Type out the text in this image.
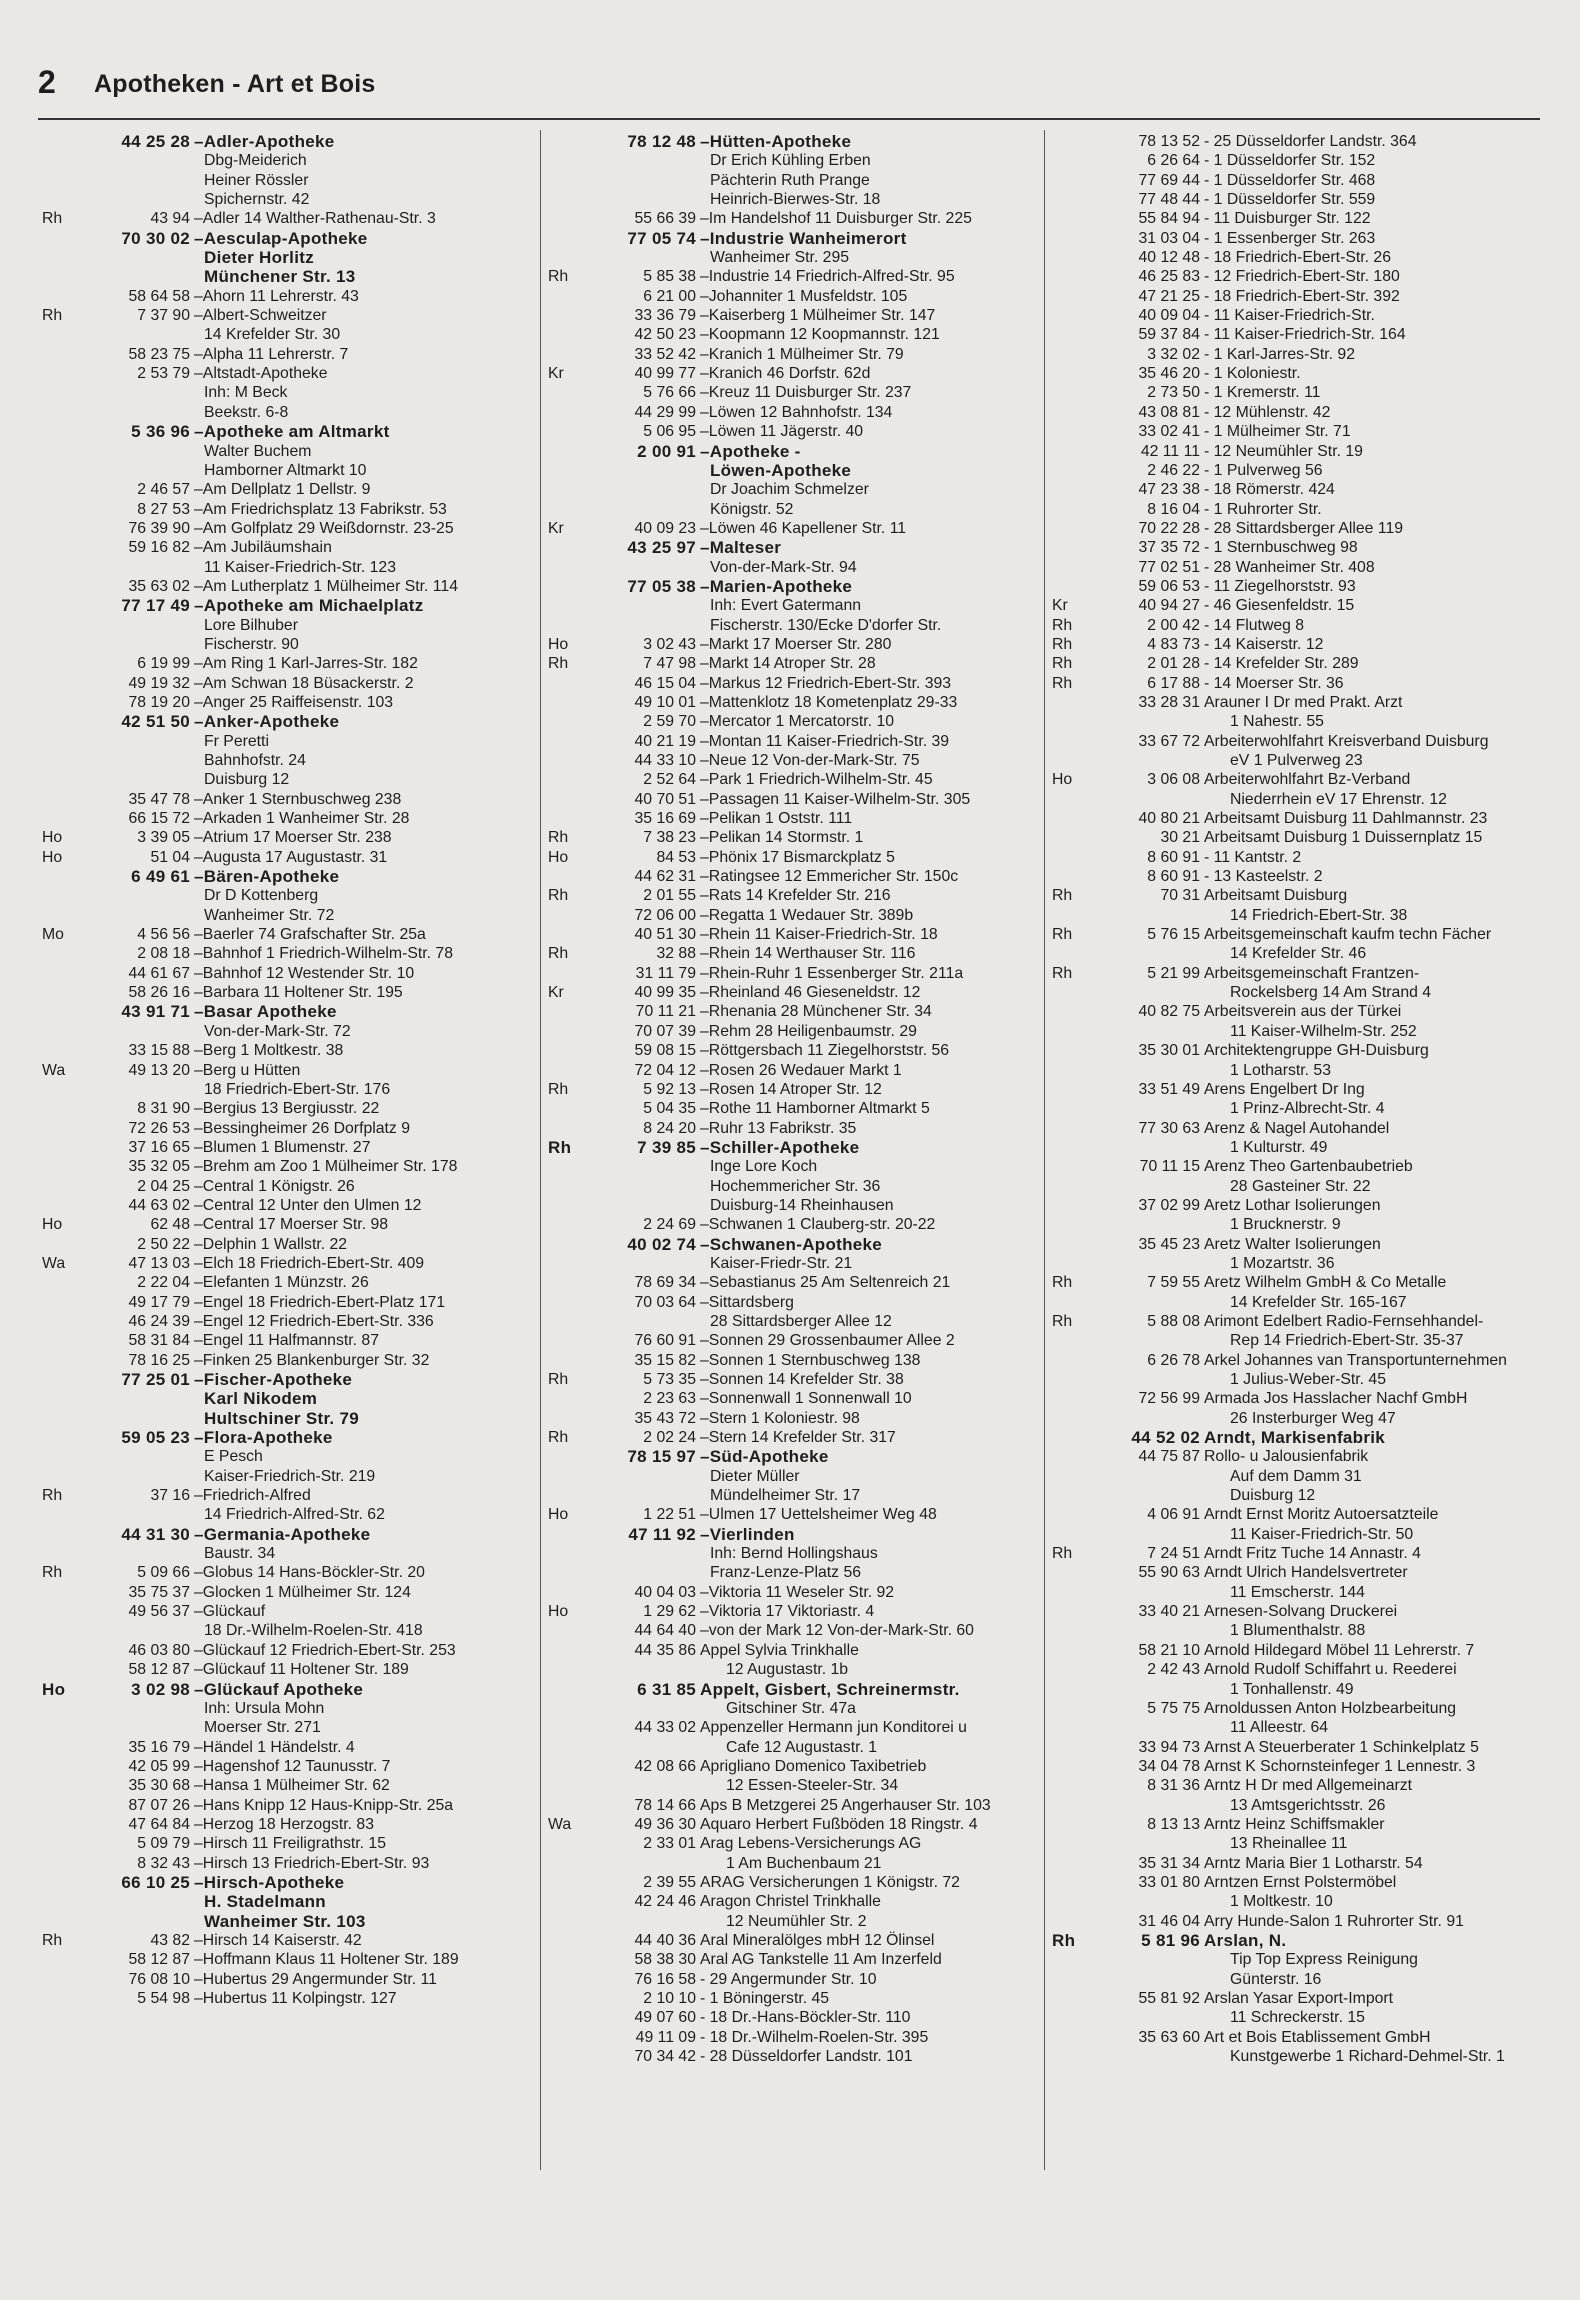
2 Apotheken - Art et Bois
44 25 28 –Adler-Apotheke
Dbg-Meiderich
Heiner Rössler
Spichernstr. 42
Rh	43 94 –Adler 14 Walther-Rathenau-Str. 3
70 30 02 –Aesculap-Apotheke
Dieter Horlitz
Münchener Str. 13
58 64 58 –Ahorn 11 Lehrerstr. 43
Rh	7 37 90 –Albert-Schweitzer
14 Krefelder Str. 30
58 23 75 –Alpha 11 Lehrerstr. 7
2 53 79 –Altstadt-Apotheke
Inh: M Beck
Beekstr. 6-8
5 36 96 –Apotheke am Altmarkt
Walter Buchem
Hamborner Altmarkt 10
2 46 57 –Am Dellplatz 1 Dellstr. 9
8 27 53 –Am Friedrichsplatz 13 Fabrikstr. 53
76 39 90 –Am Golfplatz 29 Weißdornstr. 23-25
59 16 82 –Am Jubiläumshain
11 Kaiser-Friedrich-Str. 123
35 63 02 –Am Lutherplatz 1 Mülheimer Str. 114
77 17 49 –Apotheke am Michaelplatz
Lore Bilhuber
Fischerstr. 90
6 19 99 –Am Ring 1 Karl-Jarres-Str. 182
49 19 32 –Am Schwan 18 Büsackerstr. 2
78 19 20 –Anger 25 Raiffeisenstr. 103
42 51 50 –Anker-Apotheke
Fr Peretti
Bahnhofstr. 24
Duisburg 12
35 47 78 –Anker 1 Sternbuschweg 238
66 15 72 –Arkaden 1 Wanheimer Str. 28
Ho	3 39 05 –Atrium 17 Moerser Str. 238
Ho	51 04 –Augusta 17 Augustastr. 31
6 49 61 –Bären-Apotheke
Dr D Kottenberg
Wanheimer Str. 72
Mo	4 56 56 –Baerler 74 Grafschafter Str. 25a
2 08 18 –Bahnhof 1 Friedrich-Wilhelm-Str. 78
44 61 67 –Bahnhof 12 Westender Str. 10
58 26 16 –Barbara 11 Holtener Str. 195
43 91 71 –Basar Apotheke
Von-der-Mark-Str. 72
33 15 88 –Berg 1 Moltkestr. 38
Wa	49 13 20 –Berg u Hütten
18 Friedrich-Ebert-Str. 176
8 31 90 –Bergius 13 Bergiusstr. 22
72 26 53 –Bessingheimer 26 Dorfplatz 9
37 16 65 –Blumen 1 Blumenstr. 27
35 32 05 –Brehm am Zoo 1 Mülheimer Str. 178
2 04 25 –Central 1 Königstr. 26
44 63 02 –Central 12 Unter den Ulmen 12
Ho	62 48 –Central 17 Moerser Str. 98
2 50 22 –Delphin 1 Wallstr. 22
Wa	47 13 03 –Elch 18 Friedrich-Ebert-Str. 409
2 22 04 –Elefanten 1 Münzstr. 26
49 17 79 –Engel 18 Friedrich-Ebert-Platz 171
46 24 39 –Engel 12 Friedrich-Ebert-Str. 336
58 31 84 –Engel 11 Halfmannstr. 87
78 16 25 –Finken 25 Blankenburger Str. 32
77 25 01 –Fischer-Apotheke
Karl Nikodem
Hultschiner Str. 79
59 05 23 –Flora-Apotheke
E Pesch
Kaiser-Friedrich-Str. 219
Rh	37 16 –Friedrich-Alfred
14 Friedrich-Alfred-Str. 62
44 31 30 –Germania-Apotheke
Baustr. 34
Rh	5 09 66 –Globus 14 Hans-Böckler-Str. 20
35 75 37 –Glocken 1 Mülheimer Str. 124
49 56 37 –Glückauf
18 Dr.-Wilhelm-Roelen-Str. 418
46 03 80 –Glückauf 12 Friedrich-Ebert-Str. 253
58 12 87 –Glückauf 11 Holtener Str. 189
Ho	3 02 98 –Glückauf Apotheke
Inh: Ursula Mohn
Moerser Str. 271
35 16 79 –Händel 1 Händelstr. 4
42 05 99 –Hagenshof 12 Taunusstr. 7
35 30 68 –Hansa 1 Mülheimer Str. 62
87 07 26 –Hans Knipp 12 Haus-Knipp-Str. 25a
47 64 84 –Herzog 18 Herzogstr. 83
5 09 79 –Hirsch 11 Freiligrathstr. 15
8 32 43 –Hirsch 13 Friedrich-Ebert-Str. 93
66 10 25 –Hirsch-Apotheke
H. Stadelmann
Wanheimer Str. 103
Rh	43 82 –Hirsch 14 Kaiserstr. 42
58 12 87 –Hoffmann Klaus 11 Holtener Str. 189
76 08 10 –Hubertus 29 Angermunder Str. 11
5 54 98 –Hubertus 11 Kolpingstr. 127
78 12 48 –Hütten-Apotheke
Dr Erich Kühling Erben
Pächterin Ruth Prange
Heinrich-Bierwes-Str. 18
55 66 39 –Im Handelshof 11 Duisburger Str. 225
77 05 74 –Industrie Wanheimerort
Wanheimer Str. 295
Rh	5 85 38 –Industrie 14 Friedrich-Alfred-Str. 95
6 21 00 –Johanniter 1 Musfeldstr. 105
33 36 79 –Kaiserberg 1 Mülheimer Str. 147
42 50 23 –Koopmann 12 Koopmannstr. 121
33 52 42 –Kranich 1 Mülheimer Str. 79
Kr	40 99 77 –Kranich 46 Dorfstr. 62d
5 76 66 –Kreuz 11 Duisburger Str. 237
44 29 99 –Löwen 12 Bahnhofstr. 134
5 06 95 –Löwen 11 Jägerstr. 40
2 00 91 –Apotheke -
Löwen-Apotheke
Dr Joachim Schmelzer
Königstr. 52
Kr	40 09 23 –Löwen 46 Kapellener Str. 11
43 25 97 –Malteser
Von-der-Mark-Str. 94
77 05 38 –Marien-Apotheke
Inh: Evert Gatermann
Fischerstr. 130/Ecke D'dorfer Str.
Ho	3 02 43 –Markt 17 Moerser Str. 280
Rh	7 47 98 –Markt 14 Atroper Str. 28
46 15 04 –Markus 12 Friedrich-Ebert-Str. 393
49 10 01 –Mattenklotz 18 Kometenplatz 29-33
2 59 70 –Mercator 1 Mercatorstr. 10
40 21 19 –Montan 11 Kaiser-Friedrich-Str. 39
44 33 10 –Neue 12 Von-der-Mark-Str. 75
2 52 64 –Park 1 Friedrich-Wilhelm-Str. 45
40 70 51 –Passagen 11 Kaiser-Wilhelm-Str. 305
35 16 69 –Pelikan 1 Oststr. 111
Rh	7 38 23 –Pelikan 14 Stormstr. 1
Ho	84 53 –Phönix 17 Bismarckplatz 5
44 62 31 –Ratingsee 12 Emmericher Str. 150c
Rh	2 01 55 –Rats 14 Krefelder Str. 216
72 06 00 –Regatta 1 Wedauer Str. 389b
40 51 30 –Rhein 11 Kaiser-Friedrich-Str. 18
Rh	32 88 –Rhein 14 Werthauser Str. 116
31 11 79 –Rhein-Ruhr 1 Essenberger Str. 211a
Kr	40 99 35 –Rheinland 46 Gieseneldstr. 12
70 11 21 –Rhenania 28 Münchener Str. 34
70 07 39 –Rehm 28 Heiligenbaumstr. 29
59 08 15 –Röttgersbach 11 Ziegelhorststr. 56
72 04 12 –Rosen 26 Wedauer Markt 1
Rh	5 92 13 –Rosen 14 Atroper Str. 12
5 04 35 –Rothe 11 Hamborner Altmarkt 5
8 24 20 –Ruhr 13 Fabrikstr. 35
Rh	7 39 85 –Schiller-Apotheke
Inge Lore Koch
Hochemmericher Str. 36
Duisburg-14 Rheinhausen
2 24 69 –Schwanen 1 Clauberg-str. 20-22
40 02 74 –Schwanen-Apotheke
Kaiser-Friedr-Str. 21
78 69 34 –Sebastianus 25 Am Seltenreich 21
70 03 64 –Sittardsberg
28 Sittardsberger Allee 12
76 60 91 –Sonnen 29 Grossenbaumer Allee 2
35 15 82 –Sonnen 1 Sternbuschweg 138
Rh	5 73 35 –Sonnen 14 Krefelder Str. 38
2 23 63 –Sonnenwall 1 Sonnenwall 10
35 43 72 –Stern 1 Koloniestr. 98
Rh	2 02 24 –Stern 14 Krefelder Str. 317
78 15 97 –Süd-Apotheke
Dieter Müller
Mündelheimer Str. 17
Ho	1 22 51 –Ulmen 17 Uettelsheimer Weg 48
47 11 92 –Vierlinden
Inh: Bernd Hollingshaus
Franz-Lenze-Platz 56
40 04 03 –Viktoria 11 Weseler Str. 92
Ho	1 29 62 –Viktoria 17 Viktoriastr. 4
44 64 40 –von der Mark 12 Von-der-Mark-Str. 60
44 35 86 Appel Sylvia Trinkhalle
12 Augustastr. 1b
6 31 85 Appelt, Gisbert, Schreinermstr.
Gitschiner Str. 47a
44 33 02 Appenzeller Hermann jun Konditorei u
Cafe 12 Augustastr. 1
42 08 66 Aprigliano Domenico Taxibetrieb
12 Essen-Steeler-Str. 34
78 14 66 Aps B Metzgerei 25 Angerhauser Str. 103
Wa	49 36 30 Aquaro Herbert Fußböden 18 Ringstr. 4
2 33 01 Arag Lebens-Versicherungs AG
1 Am Buchenbaum 21
2 39 55 ARAG Versicherungen 1 Königstr. 72
42 24 46 Aragon Christel Trinkhalle
12 Neumühler Str. 2
44 40 36 Aral Mineralölges mbH 12 Ölinsel
58 38 30 Aral AG Tankstelle 11 Am Inzerfeld
76 16 58 - 29 Angermunder Str. 10
2 10 10 - 1 Böningerstr. 45
49 07 60 - 18 Dr.-Hans-Böckler-Str. 110
49 11 09 - 18 Dr.-Wilhelm-Roelen-Str. 395
70 34 42 - 28 Düsseldorfer Landstr. 101
78 13 52 - 25 Düsseldorfer Landstr. 364
6 26 64 - 1 Düsseldorfer Str. 152
77 69 44 - 1 Düsseldorfer Str. 468
77 48 44 - 1 Düsseldorfer Str. 559
55 84 94 - 11 Duisburger Str. 122
31 03 04 - 1 Essenberger Str. 263
40 12 48 - 18 Friedrich-Ebert-Str. 26
46 25 83 - 12 Friedrich-Ebert-Str. 180
47 21 25 - 18 Friedrich-Ebert-Str. 392
40 09 04 - 11 Kaiser-Friedrich-Str.
59 37 84 - 11 Kaiser-Friedrich-Str. 164
3 32 02 - 1 Karl-Jarres-Str. 92
35 46 20 - 1 Koloniestr.
2 73 50 - 1 Kremerstr. 11
43 08 81 - 12 Mühlenstr. 42
33 02 41 - 1 Mülheimer Str. 71
42 11 11 - 12 Neumühler Str. 19
2 46 22 - 1 Pulverweg 56
47 23 38 - 18 Römerstr. 424
8 16 04 - 1 Ruhrorter Str.
70 22 28 - 28 Sittardsberger Allee 119
37 35 72 - 1 Sternbuschweg 98
77 02 51 - 28 Wanheimer Str. 408
59 06 53 - 11 Ziegelhorststr. 93
Kr	40 94 27 - 46 Giesenfeldstr. 15
Rh	2 00 42 - 14 Flutweg 8
Rh	4 83 73 - 14 Kaiserstr. 12
Rh	2 01 28 - 14 Krefelder Str. 289
Rh	6 17 88 - 14 Moerser Str. 36
33 28 31 Arauner I Dr med Prakt. Arzt
1 Nahestr. 55
33 67 72 Arbeiterwohlfahrt Kreisverband Duisburg
eV 1 Pulverweg 23
Ho	3 06 08 Arbeiterwohlfahrt Bz-Verband
Niederrhein eV 17 Ehrenstr. 12
40 80 21 Arbeitsamt Duisburg 11 Dahlmannstr. 23
30 21 Arbeitsamt Duisburg 1 Duissernplatz 15
8 60 91 - 11 Kantstr. 2
8 60 91 - 13 Kasteelstr. 2
Rh	70 31 Arbeitsamt Duisburg
14 Friedrich-Ebert-Str. 38
Rh	5 76 15 Arbeitsgemeinschaft kaufm techn Fächer
14 Krefelder Str. 46
Rh	5 21 99 Arbeitsgemeinschaft Frantzen-
Rockelsberg 14 Am Strand 4
40 82 75 Arbeitsverein aus der Türkei
11 Kaiser-Wilhelm-Str. 252
35 30 01 Architektengruppe GH-Duisburg
1 Lotharstr. 53
33 51 49 Arens Engelbert Dr Ing
1 Prinz-Albrecht-Str. 4
77 30 63 Arenz & Nagel Autohandel
1 Kulturstr. 49
70 11 15 Arenz Theo Gartenbaubetrieb
28 Gasteiner Str. 22
37 02 99 Aretz Lothar Isolierungen
1 Brucknerstr. 9
35 45 23 Aretz Walter Isolierungen
1 Mozartstr. 36
Rh	7 59 55 Aretz Wilhelm GmbH & Co Metalle
14 Krefelder Str. 165-167
Rh	5 88 08 Arimont Edelbert Radio-Fernsehhandel-
Rep 14 Friedrich-Ebert-Str. 35-37
6 26 78 Arkel Johannes van Transportunternehmen
1 Julius-Weber-Str. 45
72 56 99 Armada Jos Hasslacher Nachf GmbH
26 Insterburger Weg 47
44 52 02 Arndt, Markisenfabrik
44 75 87 Rollo- u Jalousienfabrik
Auf dem Damm 31
Duisburg 12
4 06 91 Arndt Ernst Moritz Autoersatzteile
11 Kaiser-Friedrich-Str. 50
Rh	7 24 51 Arndt Fritz Tuche 14 Annastr. 4
55 90 63 Arndt Ulrich Handelsvertreter
11 Emscherstr. 144
33 40 21 Arnesen-Solvang Druckerei
1 Blumenthalstr. 88
58 21 10 Arnold Hildegard Möbel 11 Lehrerstr. 7
2 42 43 Arnold Rudolf Schiffahrt u. Reederei
1 Tonhallenstr. 49
5 75 75 Arnoldussen Anton Holzbearbeitung
11 Alleestr. 64
33 94 73 Arnst A Steuerberater 1 Schinkelplatz 5
34 04 78 Arnst K Schornsteinfeger 1 Lennestr. 3
8 31 36 Arntz H Dr med Allgemeinarzt
13 Amtsgerichtsstr. 26
8 13 13 Arntz Heinz Schiffsmakler
13 Rheinallee 11
35 31 34 Arntz Maria Bier 1 Lotharstr. 54
33 01 80 Arntzen Ernst Polstermöbel
1 Moltkestr. 10
31 46 04 Arry Hunde-Salon 1 Ruhrorter Str. 91
Rh	5 81 96 Arslan, N.
Tip Top Express Reinigung
Günterstr. 16
55 81 92 Arslan Yasar Export-Import
11 Schreckerstr. 15
35 63 60 Art et Bois Etablissement GmbH
Kunstgewerbe 1 Richard-Dehmel-Str. 1
